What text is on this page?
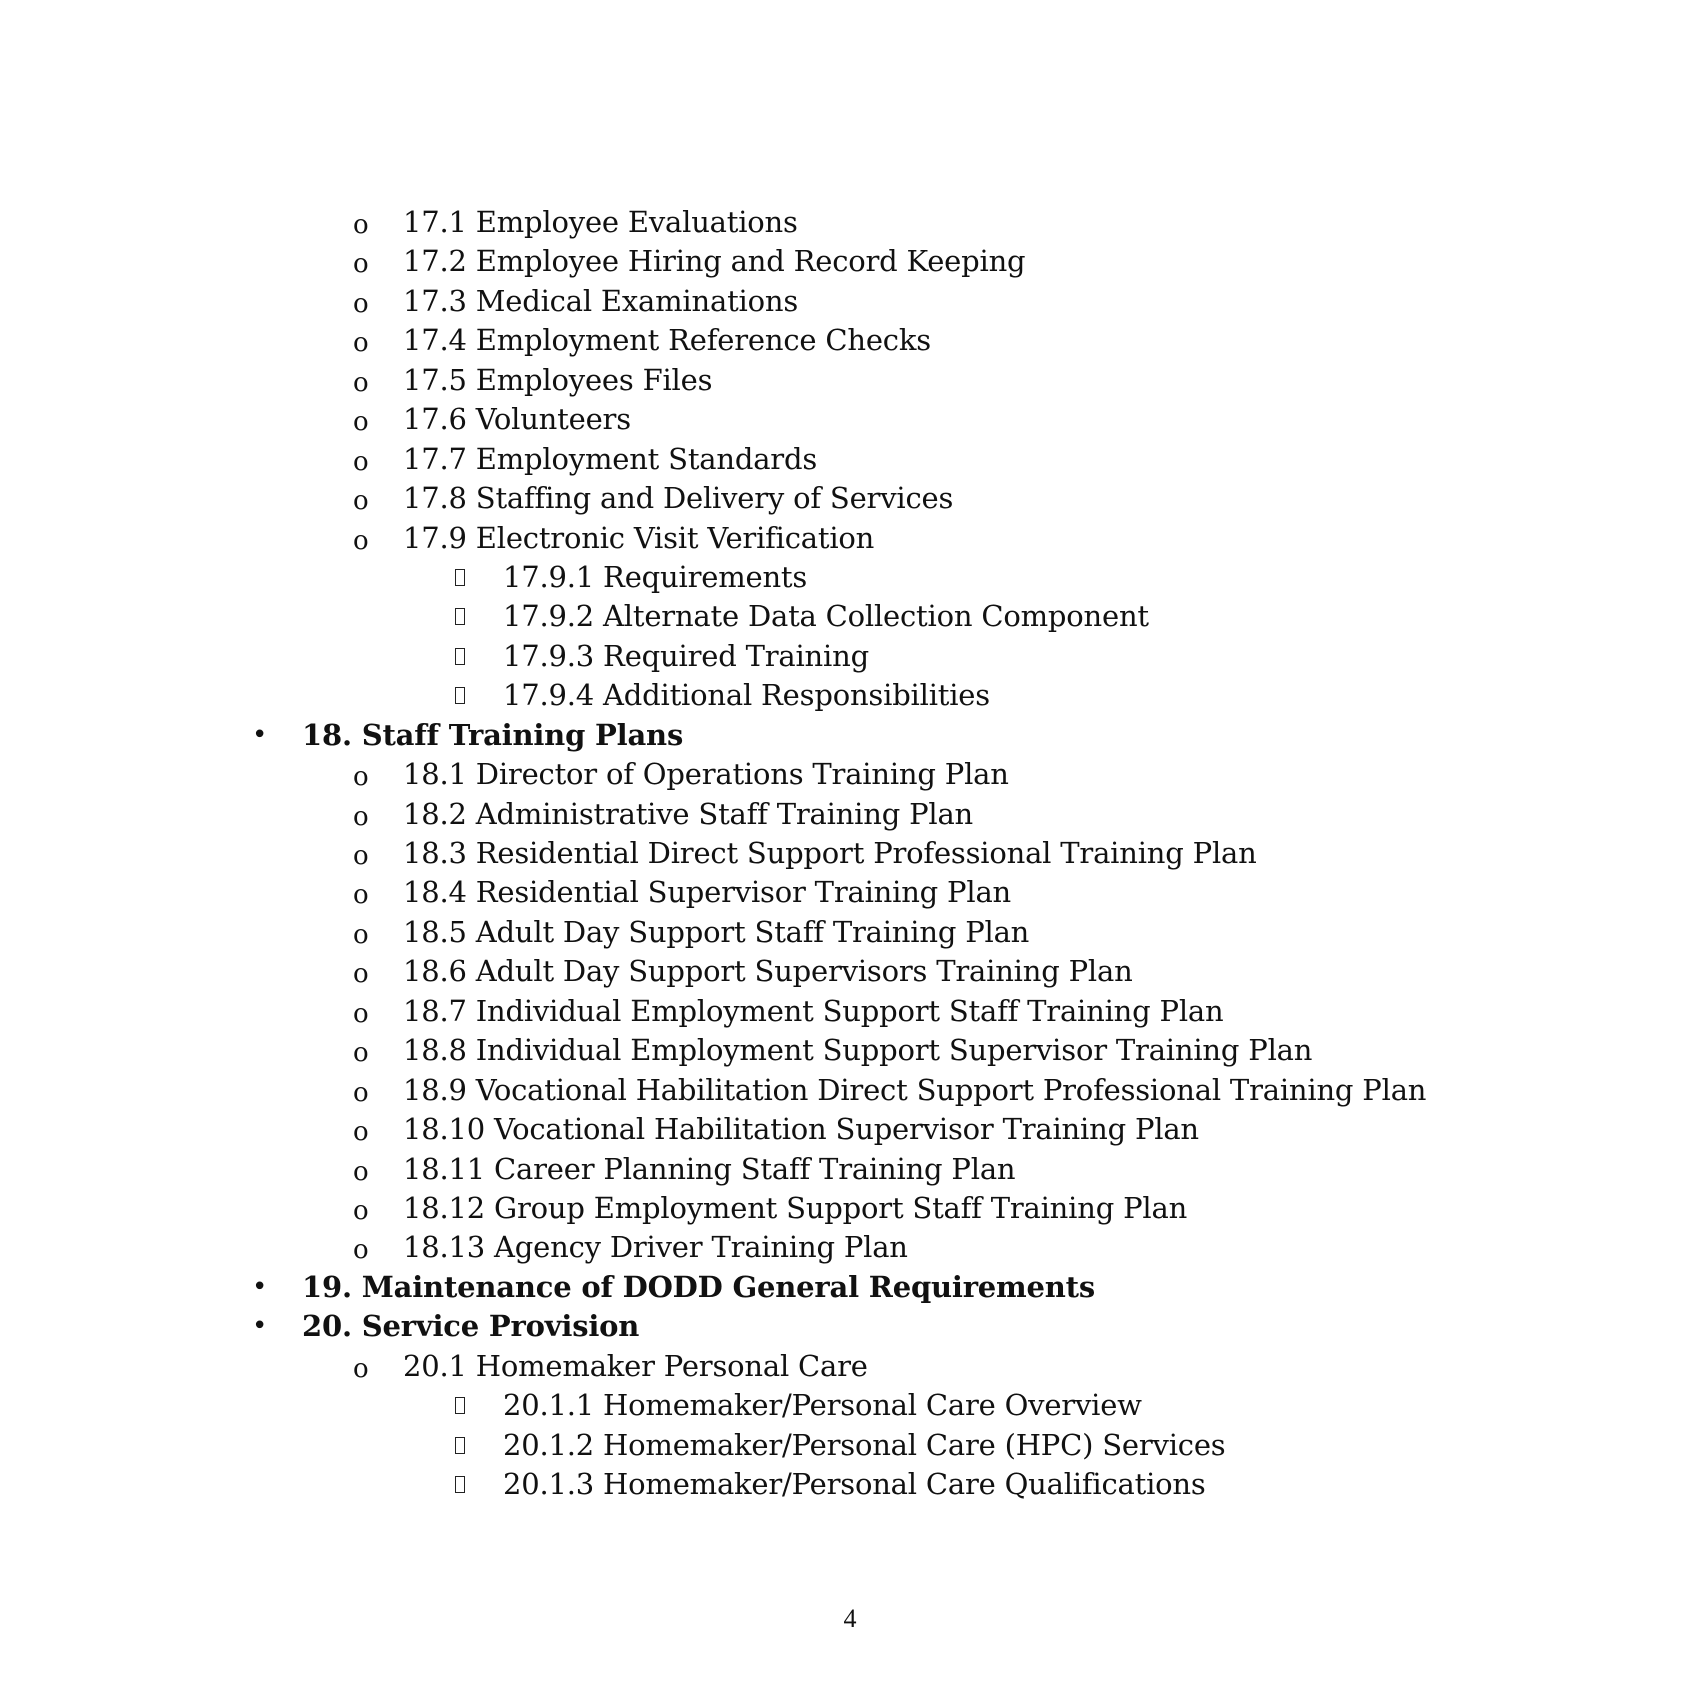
o 17.1 Employee Evaluations
o 17.2 Employee Hiring and Record Keeping
o 17.3 Medical Examinations
o 17.4 Employment Reference Checks
o 17.5 Employees Files
o 17.6 Volunteers
o 17.7 Employment Standards
o 17.8 Staffing and Delivery of Services
o 17.9 Electronic Visit Verification
17.9.1 Requirements
17.9.2 Alternate Data Collection Component
17.9.3 Required Training
17.9.4 Additional Responsibilities
• 18. Staff Training Plans
o 18.1 Director of Operations Training Plan
o 18.2 Administrative Staff Training Plan
o 18.3 Residential Direct Support Professional Training Plan
o 18.4 Residential Supervisor Training Plan
o 18.5 Adult Day Support Staff Training Plan
o 18.6 Adult Day Support Supervisors Training Plan
o 18.7 Individual Employment Support Staff Training Plan
o 18.8 Individual Employment Support Supervisor Training Plan
o 18.9 Vocational Habilitation Direct Support Professional Training Plan
o 18.10 Vocational Habilitation Supervisor Training Plan
o 18.11 Career Planning Staff Training Plan
o 18.12 Group Employment Support Staff Training Plan
o 18.13 Agency Driver Training Plan
• 19. Maintenance of DODD General Requirements
• 20. Service Provision
o 20.1 Homemaker Personal Care
20.1.1 Homemaker/Personal Care Overview
20.1.2 Homemaker/Personal Care (HPC) Services
20.1.3 Homemaker/Personal Care Qualifications
4
